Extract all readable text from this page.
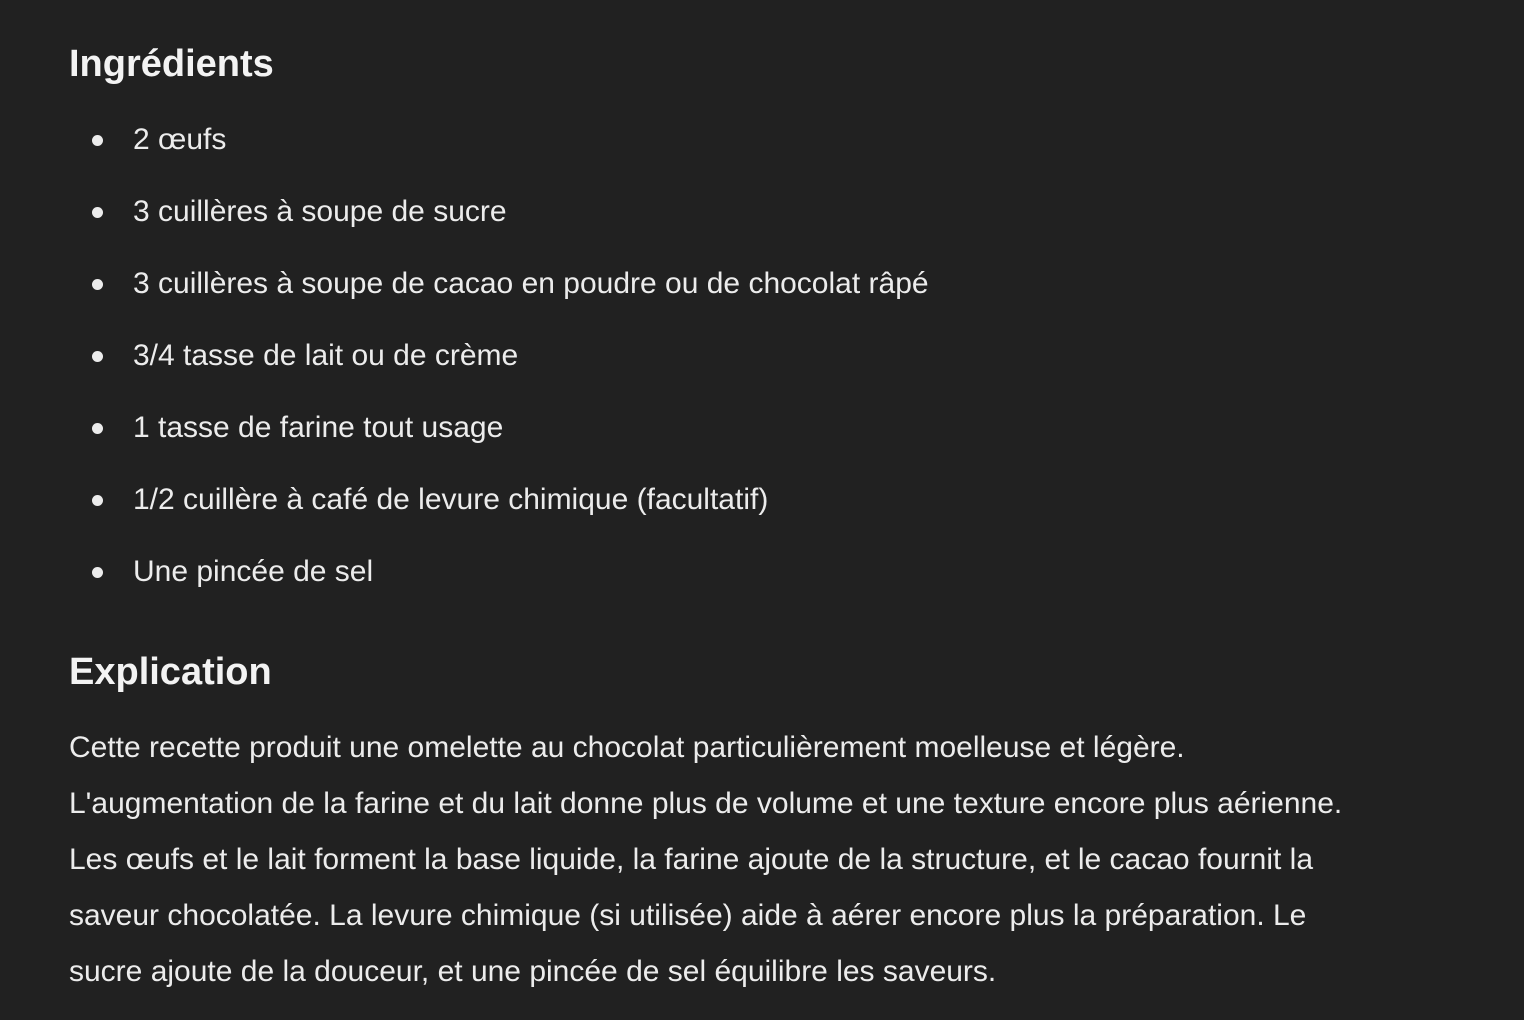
Ingrédients
2 œufs
3 cuillères à soupe de sucre
3 cuillères à soupe de cacao en poudre ou de chocolat râpé
3/4 tasse de lait ou de crème
1 tasse de farine tout usage
1/2 cuillère à café de levure chimique (facultatif)
Une pincée de sel
Explication

Cette recette produit une omelette au chocolat particulièrement moelleuse et légère.
L'augmentation de la farine et du lait donne plus de volume et une texture encore plus aérienne.
Les œufs et le lait forment la base liquide, la farine ajoute de la structure, et le cacao fournit la
saveur chocolatée. La levure chimique (si utilisée) aide à aérer encore plus la préparation. Le
sucre ajoute de la douceur, et une pincée de sel équilibre les saveurs.
